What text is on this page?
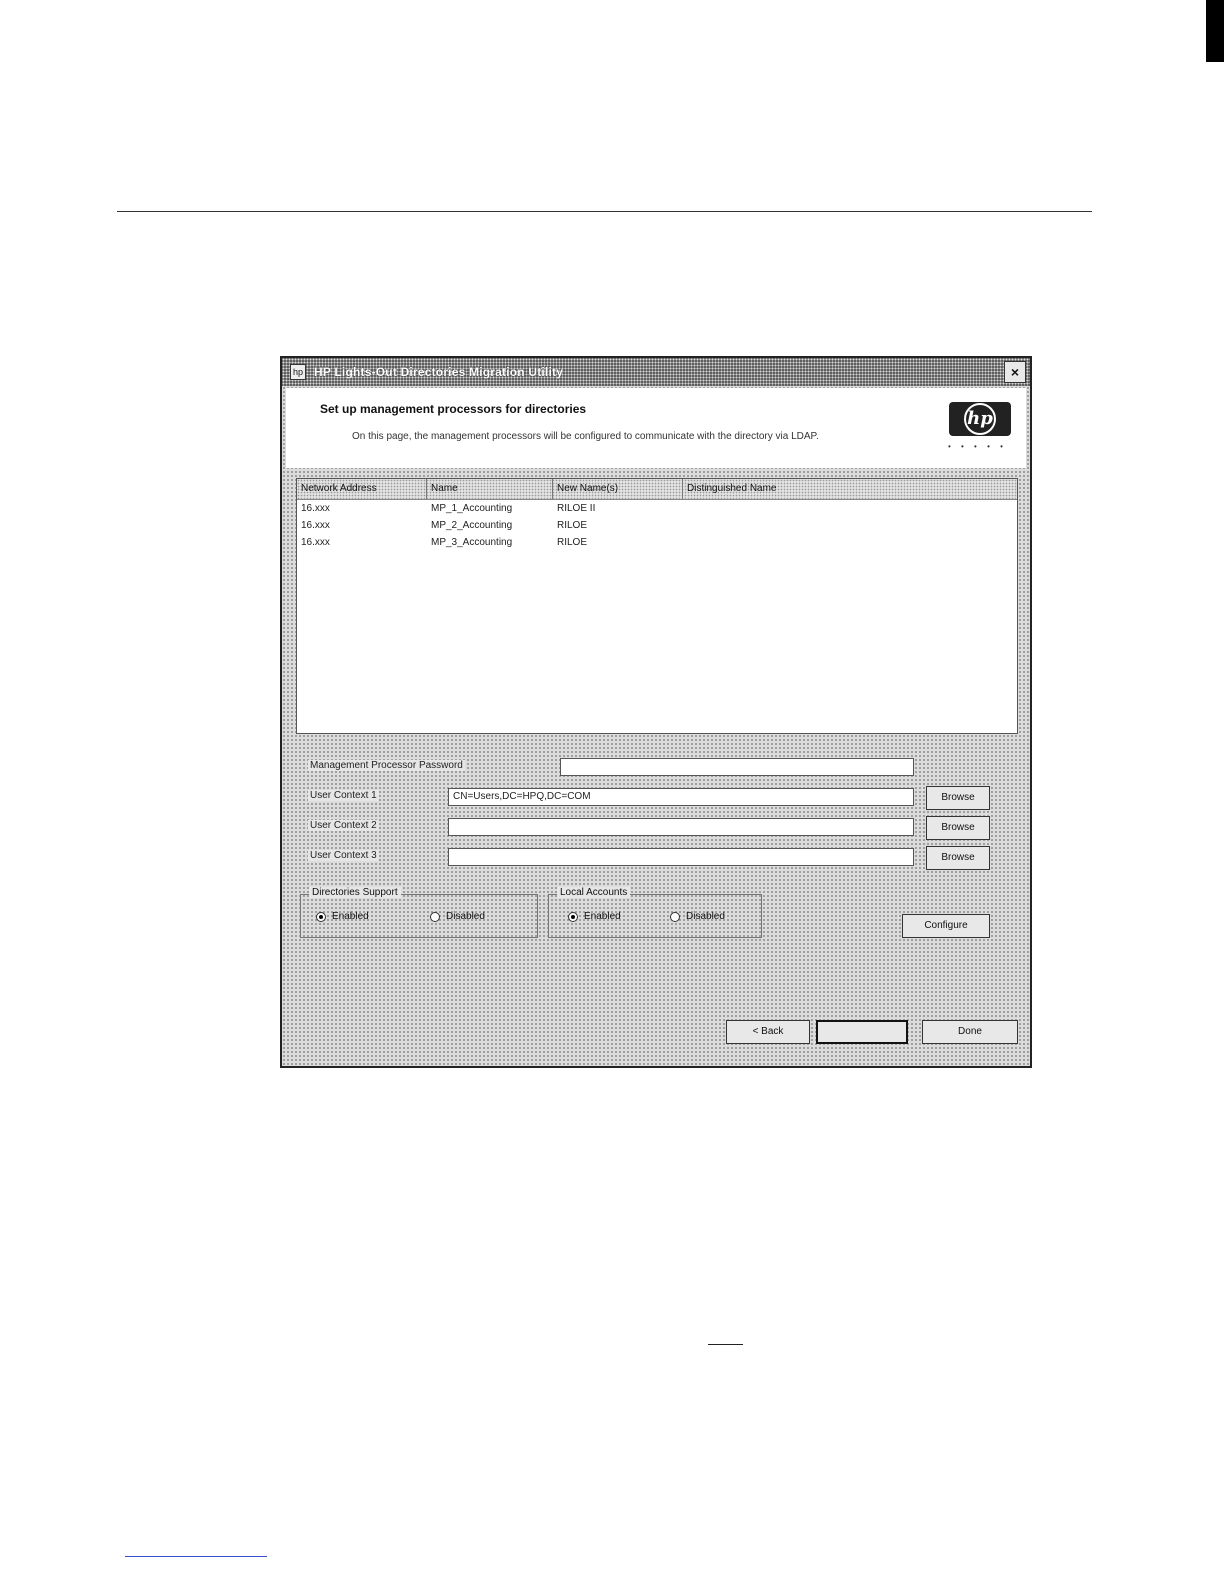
hp HP Lights-Out Directories Migration Utility	×
Set up management processors for directories
On this page, the management processors will be configured to communicate with the directory via LDAP.
hp
• • • • •
Network Address	Name	New Name(s)	Distinguished Name
16.xxx	MP_1_Accounting	RILOE II
16.xxx	MP_2_Accounting	RILOE
16.xxx	MP_3_Accounting	RILOE
Management Processor Password
User Context 1	CN=Users,DC=HPQ,DC=COM	Browse
User Context 2	Browse
User Context 3	Browse
Directories Support
Enabled	Disabled
Local Accounts
Enabled	Disabled
Configure
< Back	Done
